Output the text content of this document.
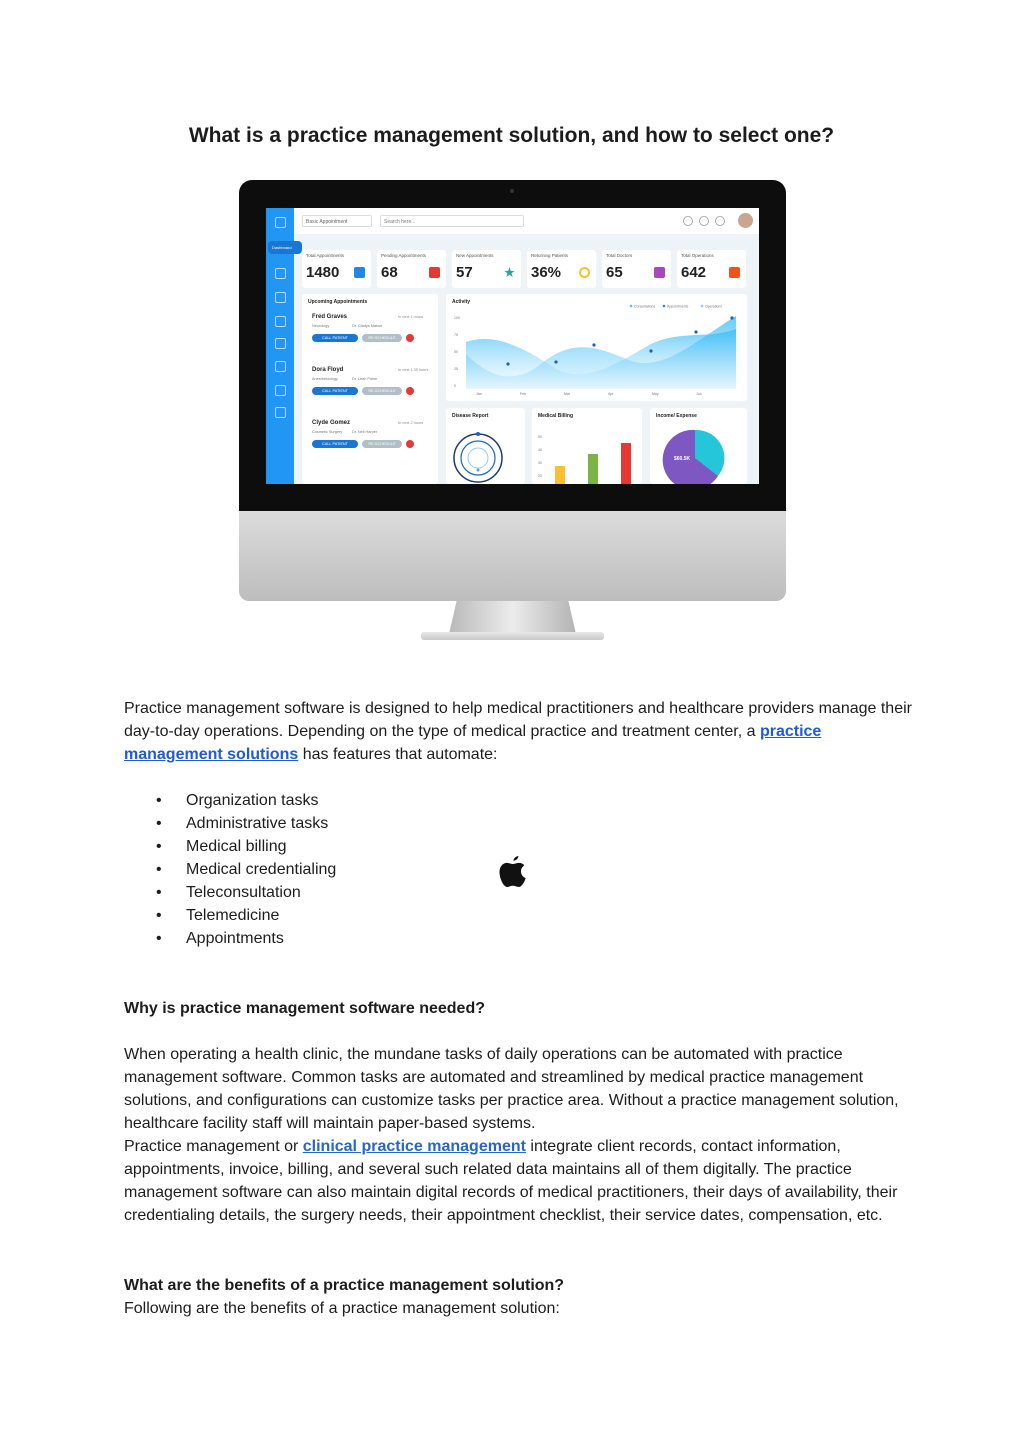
What is a practice management solution, and how to select one?
Dashboard
Basic Appointment	Search here...
Total Appointments
1480
Pending Appointments
68
New Appointments
57
Returning Patients
36%
Total Doctors
65
Total Operations
642
Upcoming Appointments
Fred Graves
Neurology	Dr. Gladys Mason
In next 1 hours
CALL PATIENT	RE-SCHEDULE
Dora Floyd
Anesthesiology	Dr. Leah Paine
In next 1.35 hours
CALL PATIENT	RE-SCHEDULE
Clyde Gomez
Cosmetic Surgery	Dr. Nell Harper
In next 2 hours
CALL PATIENT	RE-SCHEDULE
Activity
Consultations	Appointments	Operations
100
75
50
25
0
Jan	Feb	Mar	Apr	May	Jun
Disease Report	Medical Billing
50
40
30
20
Income/ Expense
$60.5K

Practice management software is designed to help medical practitioners and healthcare providers manage their day-to-day operations. Depending on the type of medical practice and treatment center, a practice management solutions has features that automate:

• Organization tasks
• Administrative tasks
• Medical billing
• Medical credentialing
• Teleconsultation
• Telemedicine
• Appointments
Why is practice management software needed?

When operating a health clinic, the mundane tasks of daily operations can be automated with practice management software. Common tasks are automated and streamlined by medical practice management solutions, and configurations can customize tasks per practice area. Without a practice management solution, healthcare facility staff will maintain paper-based systems.

Practice management or clinical practice management integrate client records, contact information, appointments, invoice, billing, and several such related data maintains all of them digitally. The practice management software can also maintain digital records of medical practitioners, their days of availability, their credentialing details, the surgery needs, their appointment checklist, their service dates, compensation, etc.

What are the benefits of a practice management solution?

Following are the benefits of a practice management solution:
